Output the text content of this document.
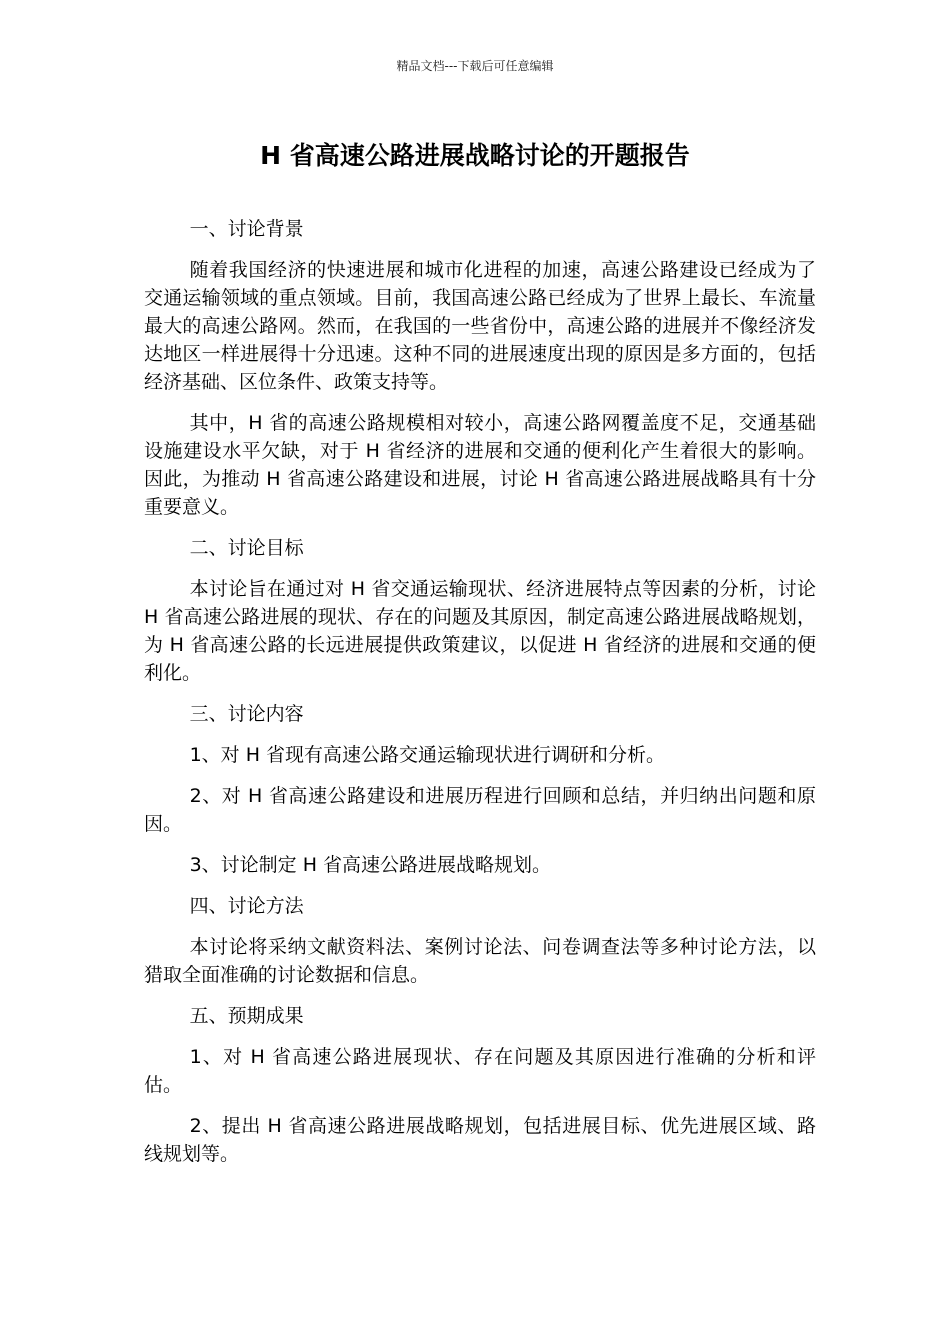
精品文档---下载后可任意编辑
H 省高速公路进展战略讨论的开题报告

一、讨论背景

随着我国经济的快速进展和城市化进程的加速，高速公路建设已经成为了交通运输领域的重点领域。目前，我国高速公路已经成为了世界上最长、车流量最大的高速公路网。然而，在我国的一些省份中，高速公路的进展并不像经济发达地区一样进展得十分迅速。这种不同的进展速度出现的原因是多方面的，包括经济基础、区位条件、政策支持等。

其中，H 省的高速公路规模相对较小，高速公路网覆盖度不足，交通基础设施建设水平欠缺，对于 H 省经济的进展和交通的便利化产生着很大的影响。因此，为推动 H 省高速公路建设和进展，讨论 H 省高速公路进展战略具有十分重要意义。

二、讨论目标

本讨论旨在通过对 H 省交通运输现状、经济进展特点等因素的分析，讨论 H 省高速公路进展的现状、存在的问题及其原因，制定高速公路进展战略规划，为 H 省高速公路的长远进展提供政策建议，以促进 H 省经济的进展和交通的便利化。

三、讨论内容

1、对 H 省现有高速公路交通运输现状进行调研和分析。

2、对 H 省高速公路建设和进展历程进行回顾和总结，并归纳出问题和原因。

3、讨论制定 H 省高速公路进展战略规划。

四、讨论方法

本讨论将采纳文献资料法、案例讨论法、问卷调查法等多种讨论方法，以猎取全面准确的讨论数据和信息。

五、预期成果

1、对 H 省高速公路进展现状、存在问题及其原因进行准确的分析和评估。

2、提出 H 省高速公路进展战略规划，包括进展目标、优先进展区域、路线规划等。
